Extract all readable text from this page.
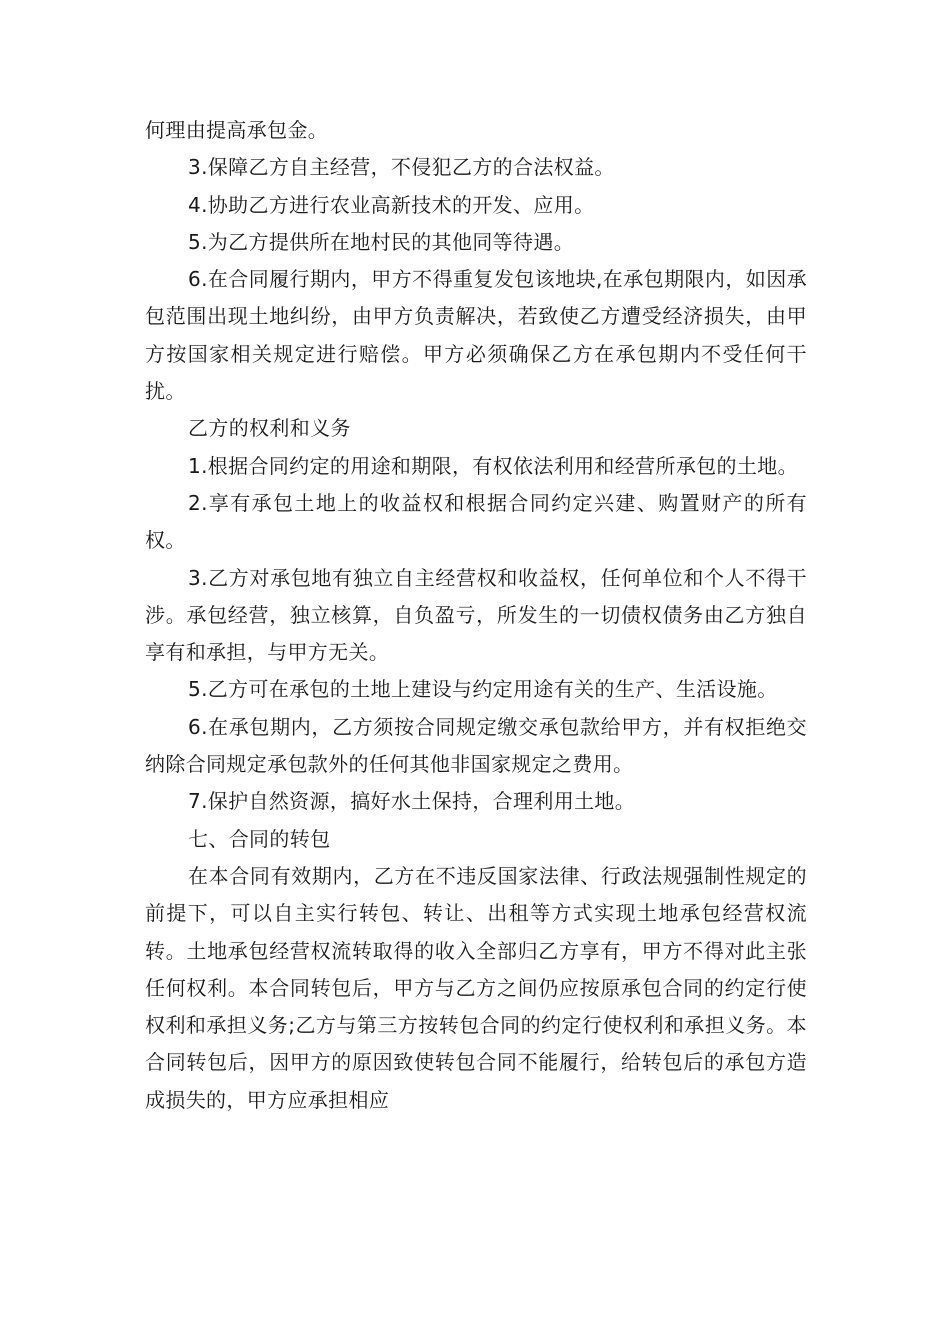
何理由提高承包金。

3.保障乙方自主经营，不侵犯乙方的合法权益。

4.协助乙方进行农业高新技术的开发、应用。

5.为乙方提供所在地村民的其他同等待遇。

6.在合同履行期内，甲方不得重复发包该地块,在承包期限内，如因承包范围出现土地纠纷，由甲方负责解决，若致使乙方遭受经济损失，由甲方按国家相关规定进行赔偿。甲方必须确保乙方在承包期内不受任何干扰。

乙方的权利和义务

1.根据合同约定的用途和期限，有权依法利用和经营所承包的土地。

2.享有承包土地上的收益权和根据合同约定兴建、购置财产的所有权。

3.乙方对承包地有独立自主经营权和收益权，任何单位和个人不得干涉。承包经营，独立核算，自负盈亏，所发生的一切债权债务由乙方独自享有和承担，与甲方无关。

5.乙方可在承包的土地上建设与约定用途有关的生产、生活设施。

6.在承包期内，乙方须按合同规定缴交承包款给甲方，并有权拒绝交纳除合同规定承包款外的任何其他非国家规定之费用。

7.保护自然资源，搞好水土保持，合理利用土地。

七、合同的转包

在本合同有效期内，乙方在不违反国家法律、行政法规强制性规定的前提下，可以自主实行转包、转让、出租等方式实现土地承包经营权流转。土地承包经营权流转取得的收入全部归乙方享有，甲方不得对此主张任何权利。本合同转包后，甲方与乙方之间仍应按原承包合同的约定行使权利和承担义务;乙方与第三方按转包合同的约定行使权利和承担义务。本合同转包后，因甲方的原因致使转包合同不能履行，给转包后的承包方造成损失的，甲方应承担相应
